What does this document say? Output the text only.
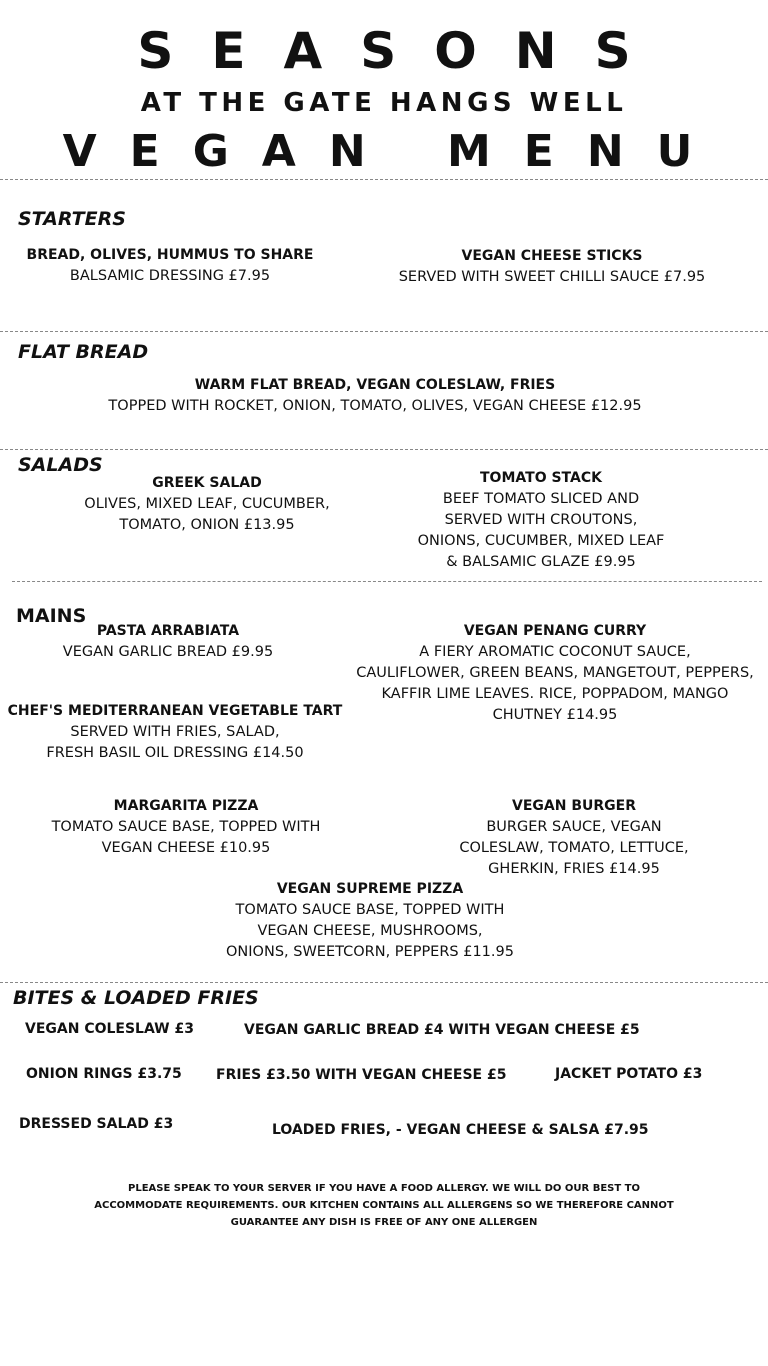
SEASONS
AT THE GATE HANGS WELL
VEGAN MENU
STARTERS
BREAD, OLIVES, HUMMUS TO SHARE
BALSAMIC DRESSING £7.95
VEGAN CHEESE STICKS
SERVED WITH SWEET CHILLI SAUCE £7.95
FLAT BREAD
WARM FLAT BREAD, VEGAN COLESLAW, FRIES
TOPPED WITH ROCKET, ONION, TOMATO, OLIVES, VEGAN CHEESE £12.95
SALADS
GREEK SALAD
OLIVES, MIXED LEAF, CUCUMBER,
TOMATO, ONION £13.95
TOMATO STACK
BEEF TOMATO SLICED AND
SERVED WITH CROUTONS,
ONIONS, CUCUMBER, MIXED LEAF
& BALSAMIC GLAZE £9.95
MAINS
PASTA ARRABIATA
VEGAN GARLIC BREAD £9.95
VEGAN PENANG CURRY
A FIERY AROMATIC COCONUT SAUCE,
CAULIFLOWER, GREEN BEANS, MANGETOUT, PEPPERS,
KAFFIR LIME LEAVES. RICE, POPPADOM, MANGO
CHUTNEY £14.95
CHEF'S MEDITERRANEAN VEGETABLE TART
SERVED WITH FRIES, SALAD,
FRESH BASIL OIL DRESSING £14.50
MARGARITA PIZZA
TOMATO SAUCE BASE, TOPPED WITH
VEGAN CHEESE £10.95
VEGAN BURGER
BURGER SAUCE, VEGAN
COLESLAW, TOMATO, LETTUCE,
GHERKIN, FRIES £14.95
VEGAN SUPREME PIZZA
TOMATO SAUCE BASE, TOPPED WITH
VEGAN CHEESE, MUSHROOMS,
ONIONS, SWEETCORN, PEPPERS £11.95
BITES & LOADED FRIES
VEGAN COLESLAW £3	VEGAN GARLIC BREAD £4 WITH VEGAN CHEESE £5
ONION RINGS £3.75 FRIES £3.50 WITH VEGAN CHEESE £5	JACKET POTATO £3
DRESSED SALAD £3	LOADED FRIES, - VEGAN CHEESE & SALSA £7.95
PLEASE SPEAK TO YOUR SERVER IF YOU HAVE A FOOD ALLERGY. WE WILL DO OUR BEST TO
ACCOMMODATE REQUIREMENTS. OUR KITCHEN CONTAINS ALL ALLERGENS SO WE THEREFORE CANNOT
GUARANTEE ANY DISH IS FREE OF ANY ONE ALLERGEN
